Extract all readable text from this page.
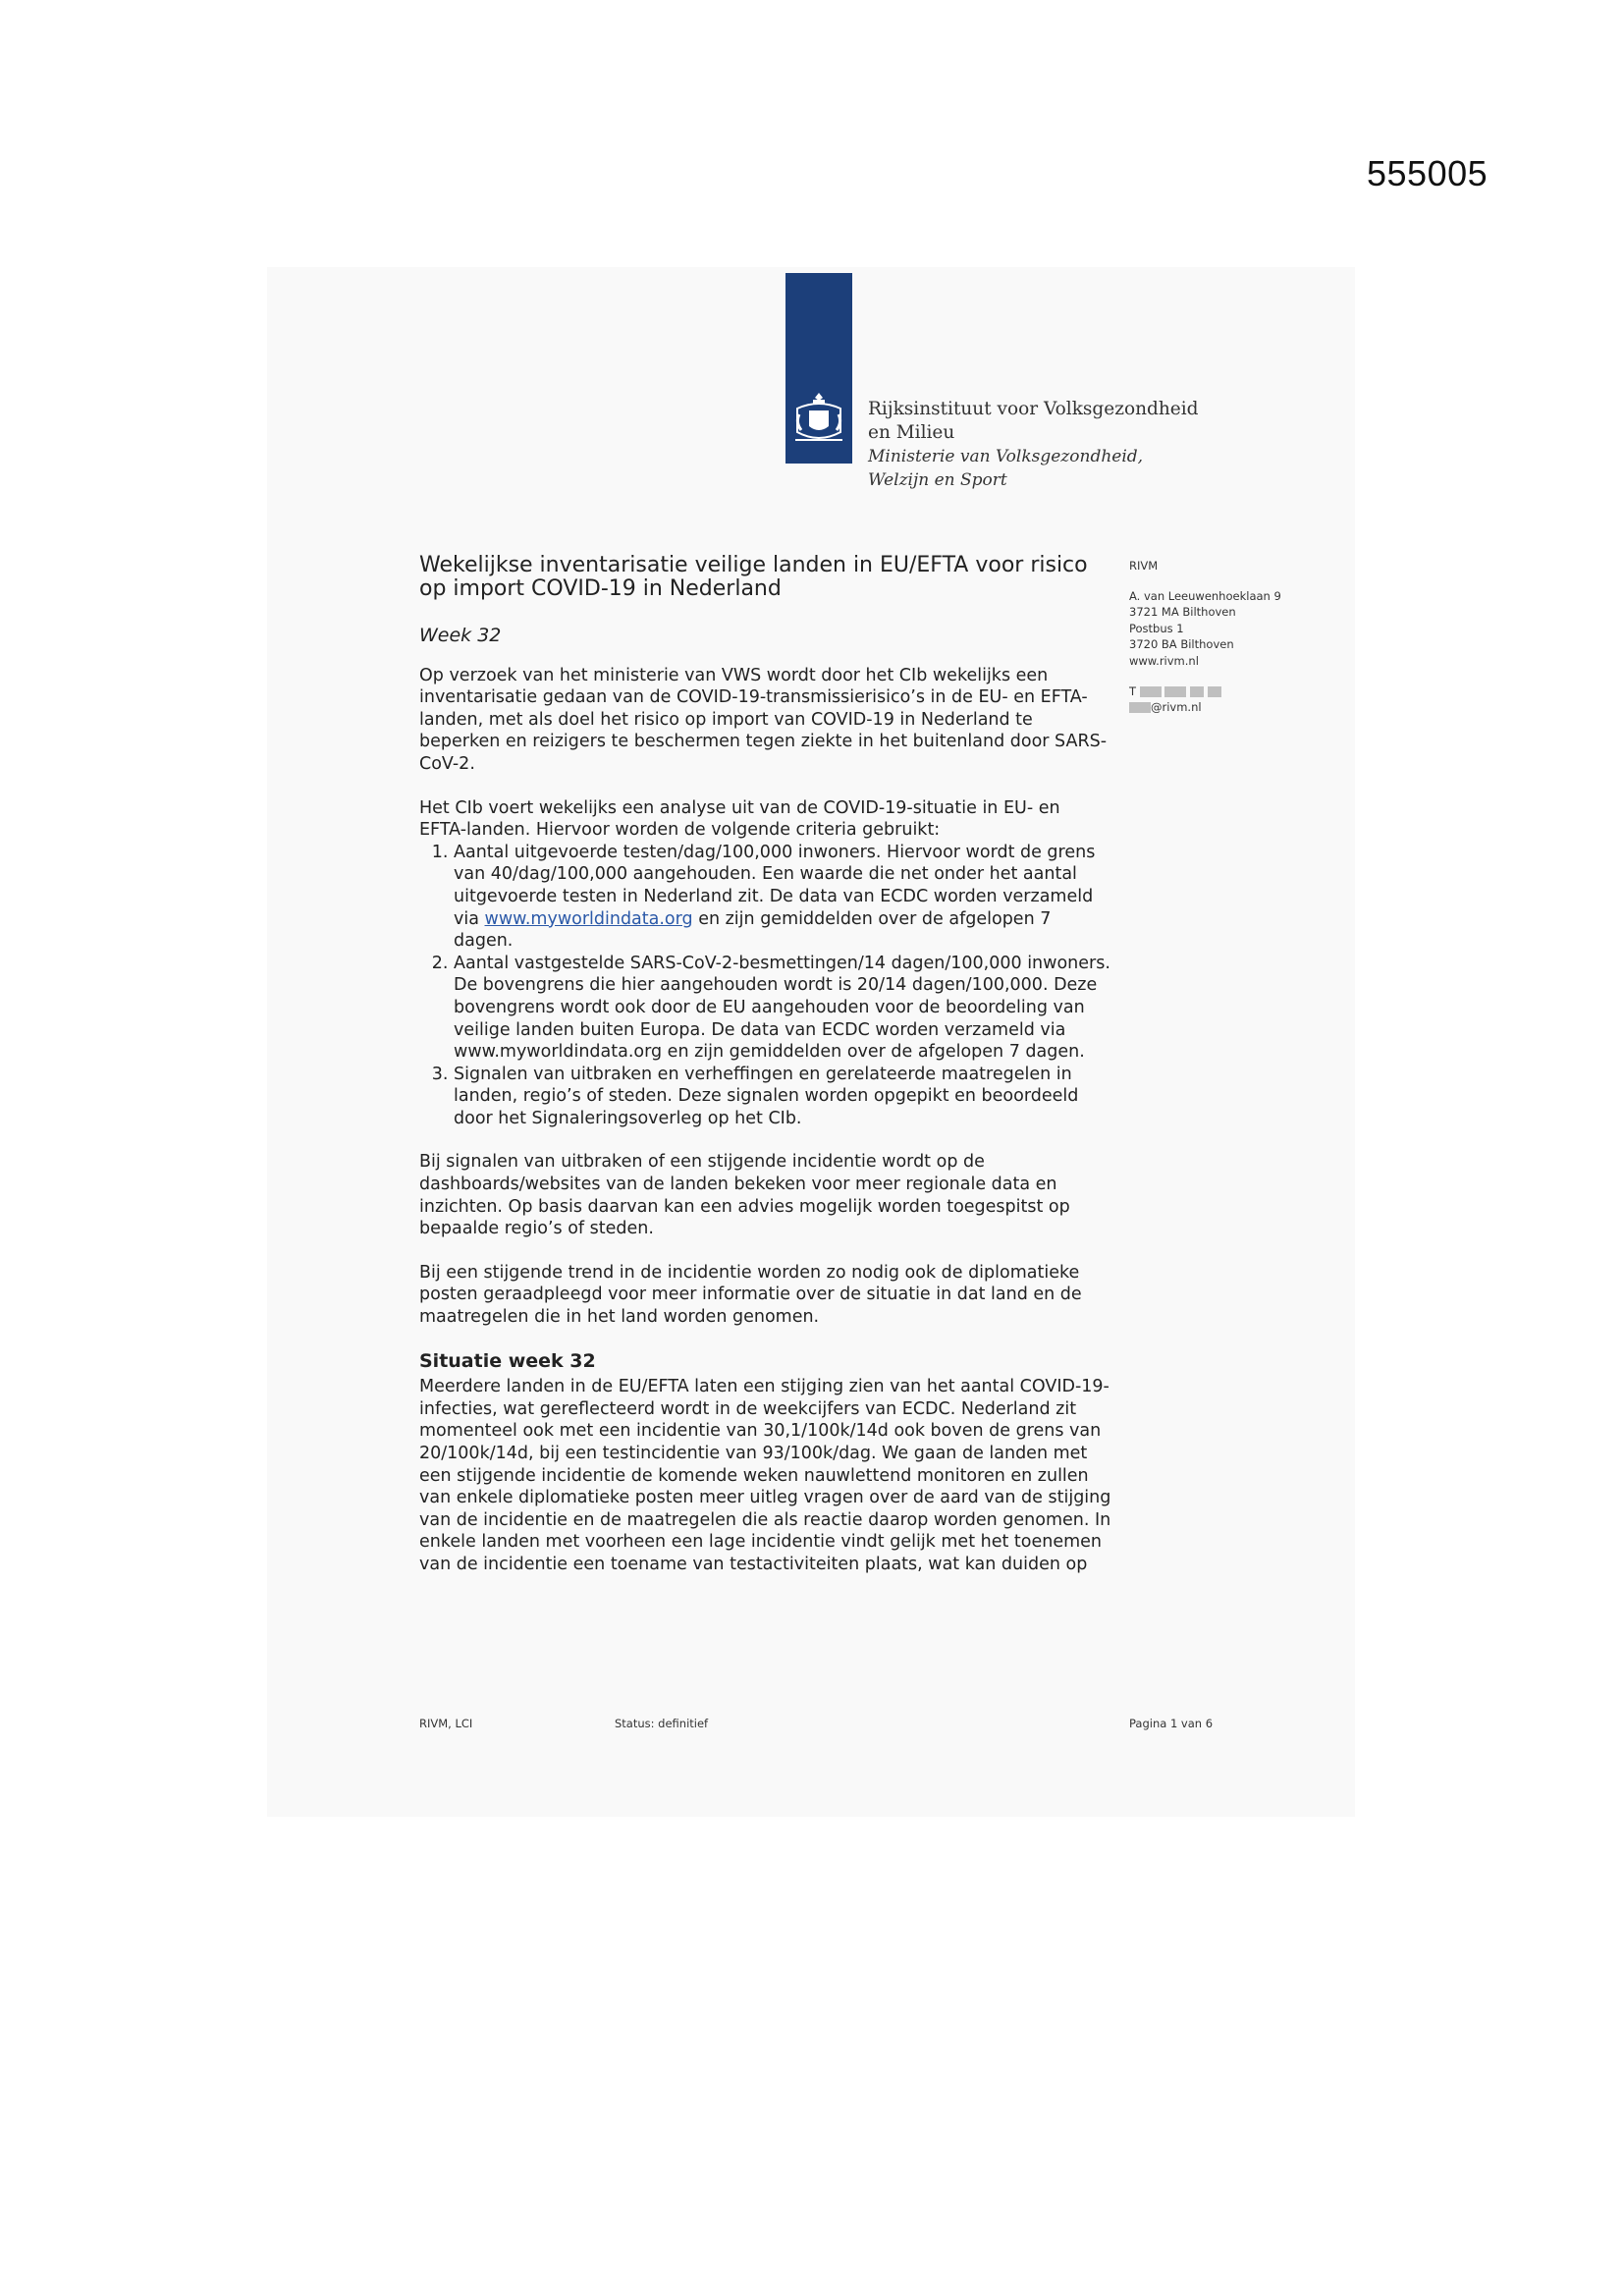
555005
Rijksinstituut voor Volksgezondheid
en Milieu
Ministerie van Volksgezondheid,
Welzijn en Sport
Wekelijkse inventarisatie veilige landen in EU/EFTA voor risico op import COVID-19 in Nederland
Week 32

Op verzoek van het ministerie van VWS wordt door het CIb wekelijks een inventarisatie gedaan van de COVID-19-transmissierisico’s in de EU- en EFTA-landen, met als doel het risico op import van COVID-19 in Nederland te beperken en reizigers te beschermen tegen ziekte in het buitenland door SARS-CoV-2.

Het CIb voert wekelijks een analyse uit van de COVID-19-situatie in EU- en EFTA-landen. Hiervoor worden de volgende criteria gebruikt:

1. Aantal uitgevoerde testen/dag/100,000 inwoners. Hiervoor wordt de grens van 40/dag/100,000 aangehouden. Een waarde die net onder het aantal uitgevoerde testen in Nederland zit. De data van ECDC worden verzameld via www.myworldindata.org en zijn gemiddelden over de afgelopen 7 dagen.
2. Aantal vastgestelde SARS-CoV-2-besmettingen/14 dagen/100,000 inwoners. De bovengrens die hier aangehouden wordt is 20/14 dagen/100,000. Deze bovengrens wordt ook door de EU aangehouden voor de beoordeling van veilige landen buiten Europa. De data van ECDC worden verzameld via www.myworldindata.org en zijn gemiddelden over de afgelopen 7 dagen.
3. Signalen van uitbraken en verheffingen en gerelateerde maatregelen in landen, regio’s of steden. Deze signalen worden opgepikt en beoordeeld door het Signaleringsoverleg op het CIb.

Bij signalen van uitbraken of een stijgende incidentie wordt op de dashboards/websites van de landen bekeken voor meer regionale data en inzichten. Op basis daarvan kan een advies mogelijk worden toegespitst op bepaalde regio’s of steden.

Bij een stijgende trend in de incidentie worden zo nodig ook de diplomatieke posten geraadpleegd voor meer informatie over de situatie in dat land en de maatregelen die in het land worden genomen.

Situatie week 32

Meerdere landen in de EU/EFTA laten een stijging zien van het aantal COVID-19-infecties, wat gereflecteerd wordt in de weekcijfers van ECDC. Nederland zit momenteel ook met een incidentie van 30,1/100k/14d ook boven de grens van 20/100k/14d, bij een testincidentie van 93/100k/dag. We gaan de landen met een stijgende incidentie de komende weken nauwlettend monitoren en zullen van enkele diplomatieke posten meer uitleg vragen over de aard van de stijging van de incidentie en de maatregelen die als reactie daarop worden genomen. In enkele landen met voorheen een lage incidentie vindt gelijk met het toenemen van de incidentie een toename van testactiviteiten plaats, wat kan duiden op

RIVM
A. van Leeuwenhoeklaan 9
3721 MA Bilthoven
Postbus 1
3720 BA Bilthoven
www.rivm.nl
T
@rivm.nl
RIVM, LCI	Status: definitief	Pagina 1 van 6
